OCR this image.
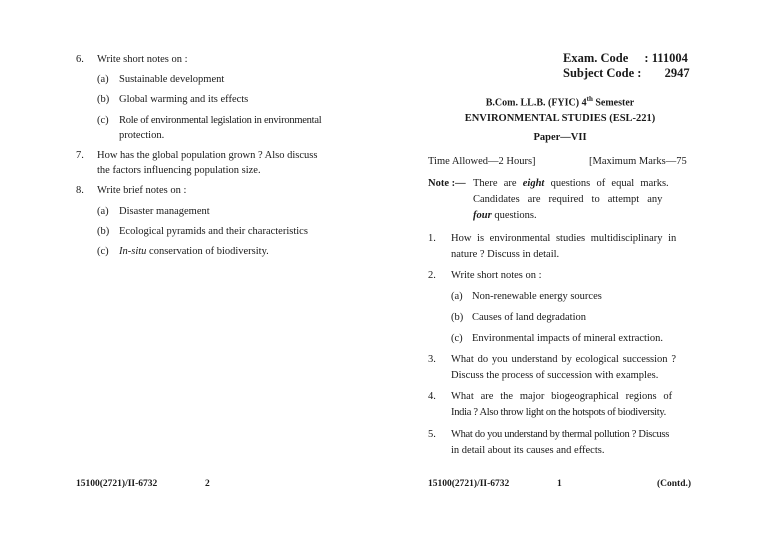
6. Write short notes on :
(a) Sustainable development
(b) Global warming and its effects
(c) Role of environmental legislation in environmental
protection.
7. How has the global population grown ? Also discuss
the factors influencing population size.
8. Write brief notes on :
(a) Disaster management
(b) Ecological pyramids and their characteristics
(c) In-situ conservation of biodiversity.
15100(2721)/II-6732	2
Exam. Code : 111004
Subject Code : 2947
B.Com. LL.B. (FYIC) 4th Semester
ENVIRONMENTAL STUDIES (ESL-221)
Paper—VII
Time Allowed—2 Hours]	[Maximum Marks—75
Note :— There are eight questions of equal marks.
Candidates are required to attempt any
four questions.
1. How is environmental studies multidisciplinary in
nature ? Discuss in detail.
2. Write short notes on :
(a) Non-renewable energy sources
(b) Causes of land degradation
(c) Environmental impacts of mineral extraction.
3. What do you understand by ecological succession ?
Discuss the process of succession with examples.
4. What are the major biogeographical regions of
India ? Also throw light on the hotspots of biodiversity.
5. What do you understand by thermal pollution ? Discuss
in detail about its causes and effects.
15100(2721)/II-6732	1	(Contd.)
